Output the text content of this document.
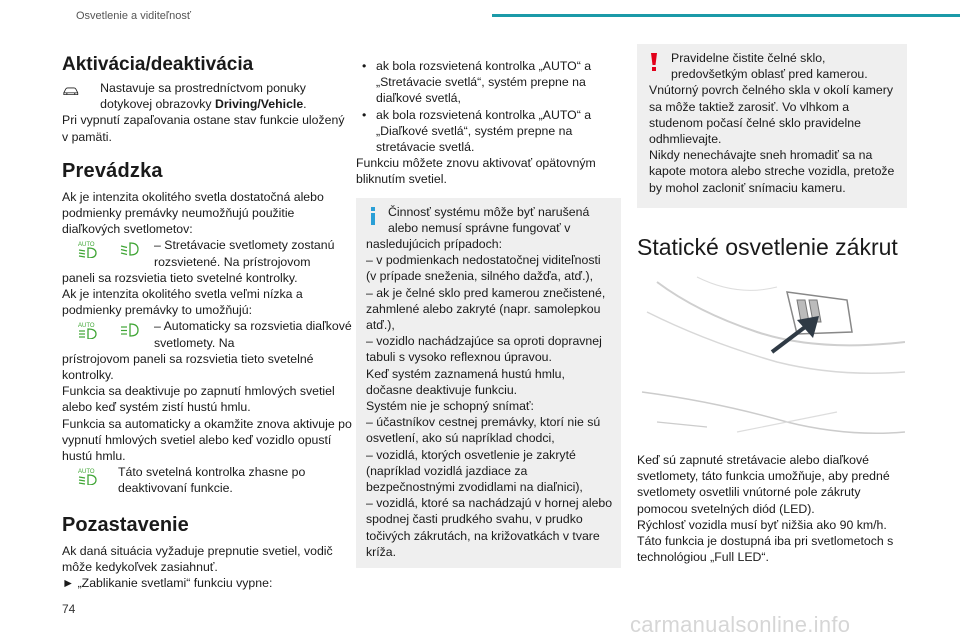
Osvetlenie a viditeľnosť
Aktivácia/deaktivácia

Nastavuje sa prostredníctvom ponuky dotykovej obrazovky Driving/Vehicle.

Pri vypnutí zapaľovania ostane stav funkcie uložený v pamäti.

Prevádzka

Ak je intenzita okolitého svetla dostatočná alebo podmienky premávky neumožňujú použitie diaľkových svetlometov:

AUTO	– Stretávacie svetlomety zostanú rozsvietené. Na prístrojovom

paneli sa rozsvietia tieto svetelné kontrolky.

Ak je intenzita okolitého svetla veľmi nízka a podmienky premávky to umožňujú:

AUTO	– Automaticky sa rozsvietia diaľkové svetlomety. Na

prístrojovom paneli sa rozsvietia tieto svetelné kontrolky.

Funkcia sa deaktivuje po zapnutí hmlových svetiel alebo keď systém zistí hustú hmlu.

Funkcia sa automaticky a okamžite znova aktivuje po vypnutí hmlových svetiel alebo keď vozidlo opustí hustú hmlu.

AUTO Táto svetelná kontrolka zhasne po deaktivovaní funkcie.

Pozastavenie

Ak daná situácia vyžaduje prepnutie svetiel, vodič môže kedykoľvek zasiahnuť.

► „Zablikanie svetlami“ funkciu vypne:

• ak bola rozsvietená kontrolka „AUTO“ a „Stretávacie svetlá“, systém prepne na diaľkové svetlá,
• ak bola rozsvietená kontrolka „AUTO“ a „Diaľkové svetlá“, systém prepne na stretávacie svetlá.

Funkciu môžete znovu aktivovať opätovným bliknutím svetiel.

Činnosť systému môže byť narušená alebo nemusí správne fungovať v

nasledujúcich prípadoch:

– v podmienkach nedostatočnej viditeľnosti (v prípade sneženia, silného dažďa, atď.),

– ak je čelné sklo pred kamerou znečistené, zahmlené alebo zakryté (napr. samolepkou atď.),

– vozidlo nachádzajúce sa oproti dopravnej tabuli s vysoko reflexnou úpravou.

Keď systém zaznamená hustú hmlu, dočasne deaktivuje funkciu.

Systém nie je schopný snímať:

– účastníkov cestnej premávky, ktorí nie sú osvetlení, ako sú napríklad chodci,

– vozidlá, ktorých osvetlenie je zakryté (napríklad vozidlá jazdiace za bezpečnostnými zvodidlami na diaľnici),

– vozidlá, ktoré sa nachádzajú v hornej alebo spodnej časti prudkého svahu, v prudko točivých zákrutách, na križovatkách v tvare kríža.

Pravidelne čistite čelné sklo, predovšetkým oblasť pred kamerou.

Vnútorný povrch čelného skla v okolí kamery sa môže taktiež zarosiť. Vo vlhkom a studenom počasí čelné sklo pravidelne odhmlievajte.

Nikdy nenechávajte sneh hromadiť sa na kapote motora alebo streche vozidla, pretože by mohol zacloniť snímaciu kameru.

Statické osvetlenie zákrut

Keď sú zapnuté stretávacie alebo diaľkové svetlomety, táto funkcia umožňuje, aby predné svetlomety osvetlili vnútorné pole zákruty pomocou svetelných diód (LED).

Rýchlosť vozidla musí byť nižšia ako 90 km/h.

Táto funkcia je dostupná iba pri svetlometoch s technológiou „Full LED“.

74
carmanualsonline.info
